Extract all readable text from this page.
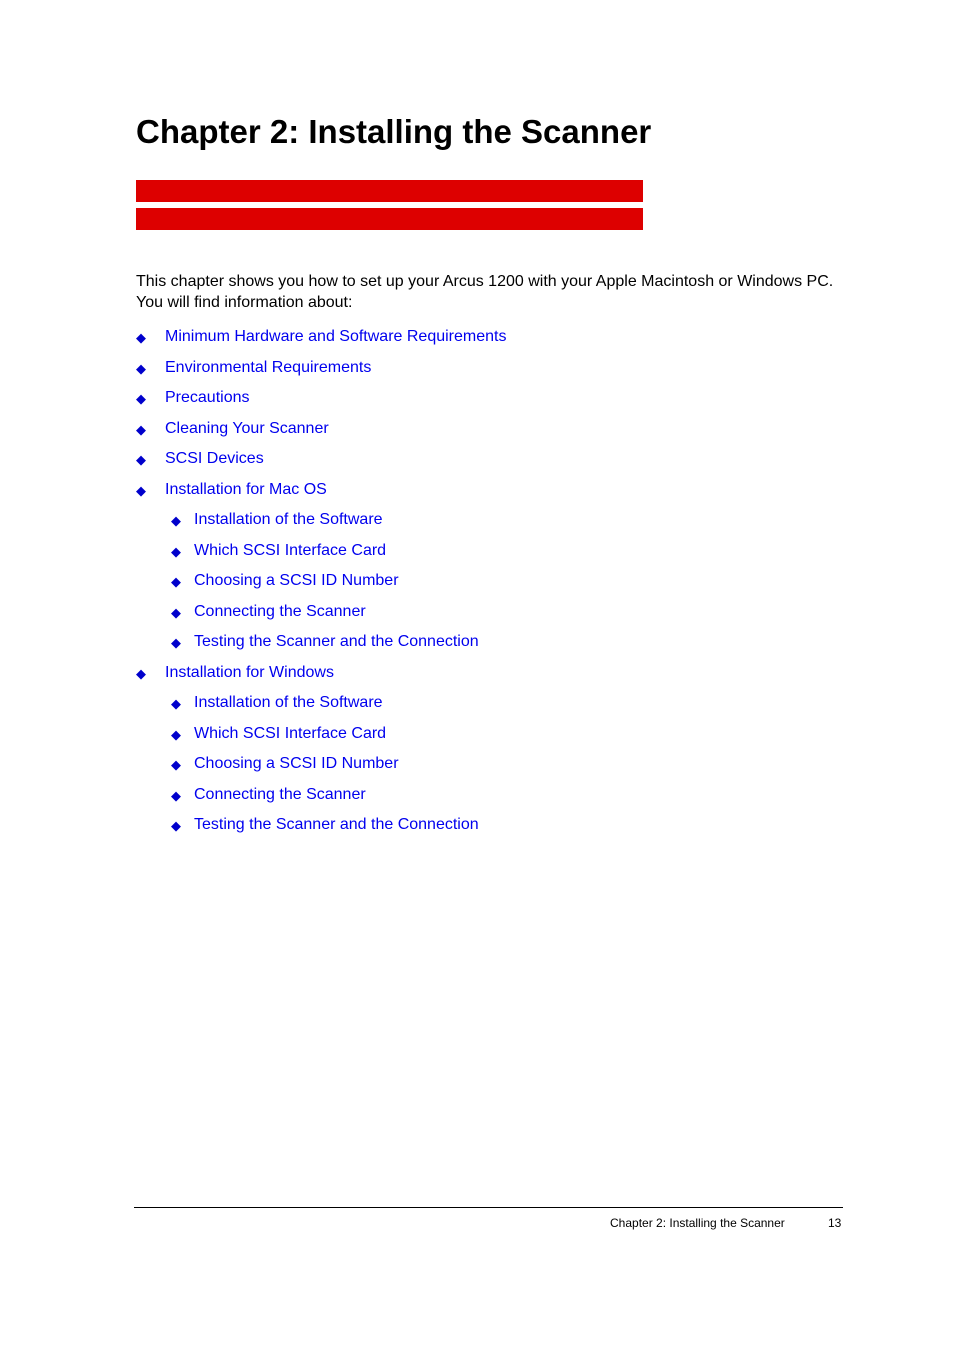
Chapter 2: Installing the Scanner

This chapter shows you how to set up your Arcus 1200 with your Apple Macintosh or Windows PC.
You will find information about:

◆ Minimum Hardware and Software Requirements
◆ Environmental Requirements
◆ Precautions
◆ Cleaning Your Scanner
◆ SCSI Devices
◆ Installation for Mac OS
◆ Installation of the Software
◆ Which SCSI Interface Card
◆ Choosing a SCSI ID Number
◆ Connecting the Scanner
◆ Testing the Scanner and the Connection
◆ Installation for Windows
◆ Installation of the Software
◆ Which SCSI Interface Card
◆ Choosing a SCSI ID Number
◆ Connecting the Scanner
◆ Testing the Scanner and the Connection
Chapter 2: Installing the Scanner	13
